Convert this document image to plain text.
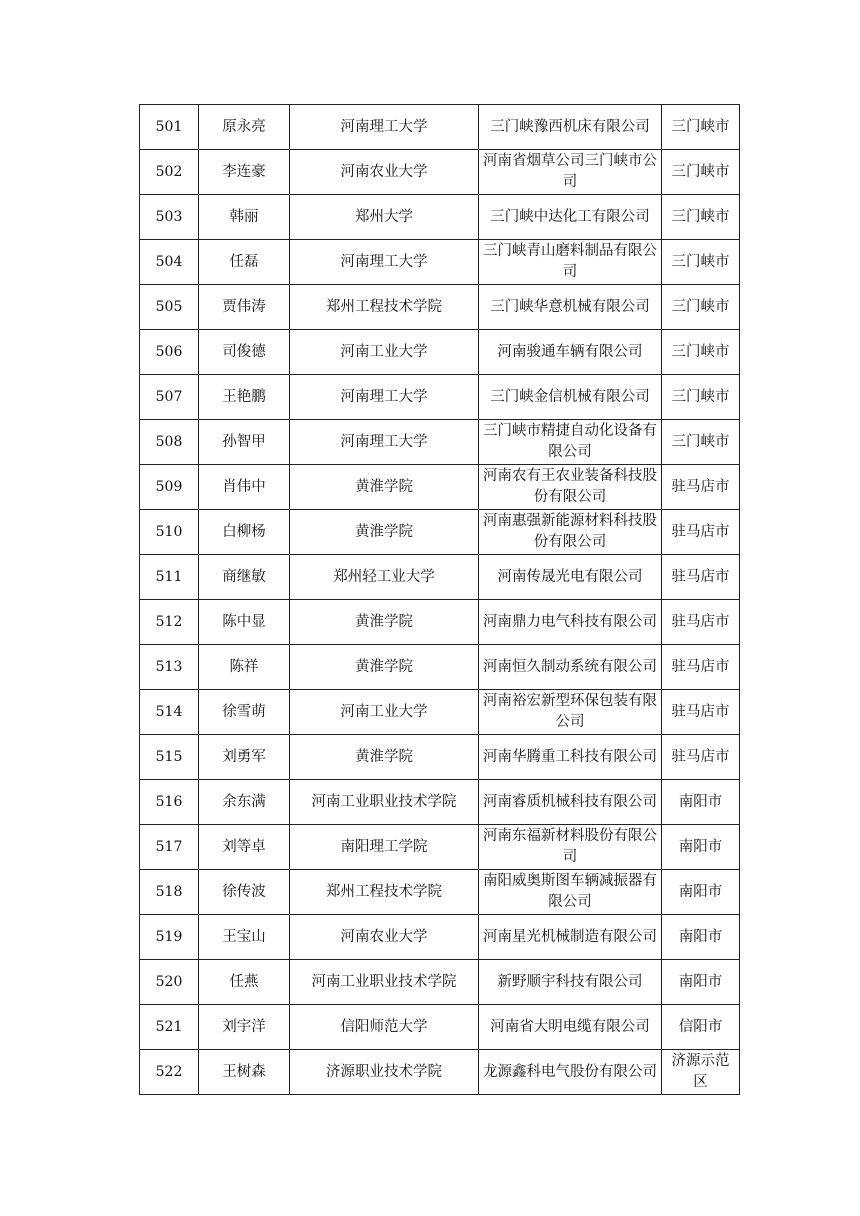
501	原永亮	河南理工大学	三门峡豫西机床有限公司	三门峡市

502	李连豪	河南农业大学	河南省烟草公司三门峡市公司	三门峡市

503	韩丽	郑州大学	三门峡中达化工有限公司	三门峡市

504	任磊	河南理工大学	三门峡青山磨料制品有限公司	三门峡市

505	贾伟涛	郑州工程技术学院	三门峡华意机械有限公司	三门峡市

506	司俊德	河南工业大学	河南骏通车辆有限公司	三门峡市

507	王艳鹏	河南理工大学	三门峡金信机械有限公司	三门峡市

508	孙智甲	河南理工大学	三门峡市精捷自动化设备有限公司	三门峡市

509	肖伟中	黄淮学院	河南农有王农业装备科技股份有限公司	驻马店市

510	白柳杨	黄淮学院	河南惠强新能源材料科技股份有限公司	驻马店市

511	商继敏	郑州轻工业大学	河南传晟光电有限公司	驻马店市

512	陈中显	黄淮学院	河南鼎力电气科技有限公司	驻马店市

513	陈祥	黄淮学院	河南恒久制动系统有限公司	驻马店市

514	徐雪萌	河南工业大学	河南裕宏新型环保包装有限公司	驻马店市

515	刘勇军	黄淮学院	河南华腾重工科技有限公司	驻马店市

516	余东满	河南工业职业技术学院	河南睿质机械科技有限公司	南阳市

517	刘等卓	南阳理工学院	河南东福新材料股份有限公司	南阳市

518	徐传波	郑州工程技术学院	南阳威奥斯图车辆减振器有限公司	南阳市

519	王宝山	河南农业大学	河南星光机械制造有限公司	南阳市

520	任燕	河南工业职业技术学院	新野顺宇科技有限公司	南阳市

521	刘宇洋	信阳师范大学	河南省大明电缆有限公司	信阳市

522	王树森	济源职业技术学院	龙源鑫科电气股份有限公司	济源示范区
